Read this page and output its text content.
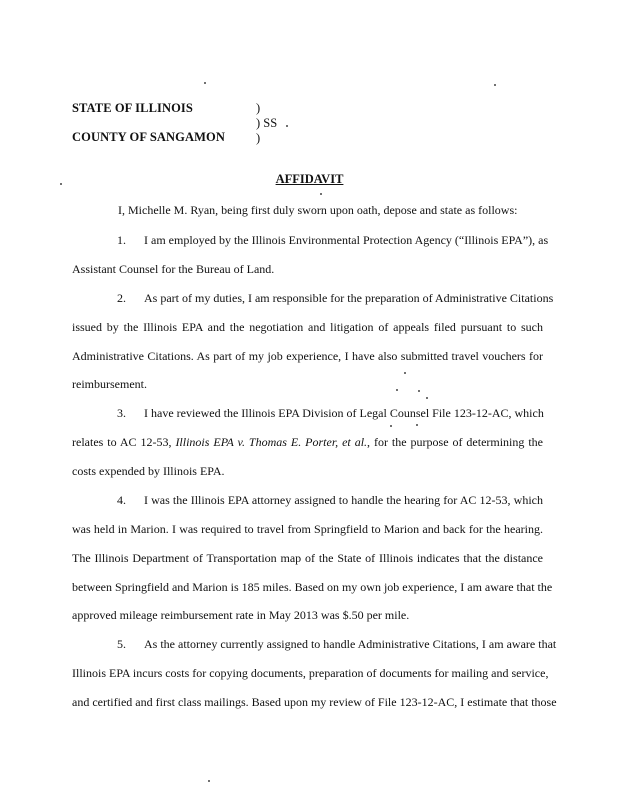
STATE OF ILLINOIS
COUNTY OF SANGAMON
)
) SS
)
AFFIDAVIT
I, Michelle M. Ryan, being first duly sworn upon oath, depose and state as follows:
1. I am employed by the Illinois Environmental Protection Agency (“Illinois EPA”), as
Assistant Counsel for the Bureau of Land.
2. As part of my duties, I am responsible for the preparation of Administrative Citations
issued by the Illinois EPA and the negotiation and litigation of appeals filed pursuant to such
Administrative Citations. As part of my job experience, I have also submitted travel vouchers for
reimbursement.
3. I have reviewed the Illinois EPA Division of Legal Counsel File 123-12-AC, which
relates to AC 12-53, Illinois EPA v. Thomas E. Porter, et al., for the purpose of determining the
costs expended by Illinois EPA.
4. I was the Illinois EPA attorney assigned to handle the hearing for AC 12-53, which
was held in Marion. I was required to travel from Springfield to Marion and back for the hearing.
The Illinois Department of Transportation map of the State of Illinois indicates that the distance
between Springfield and Marion is 185 miles. Based on my own job experience, I am aware that the
approved mileage reimbursement rate in May 2013 was $.50 per mile.
5. As the attorney currently assigned to handle Administrative Citations, I am aware that
Illinois EPA incurs costs for copying documents, preparation of documents for mailing and service,
and certified and first class mailings. Based upon my review of File 123-12-AC, I estimate that those
